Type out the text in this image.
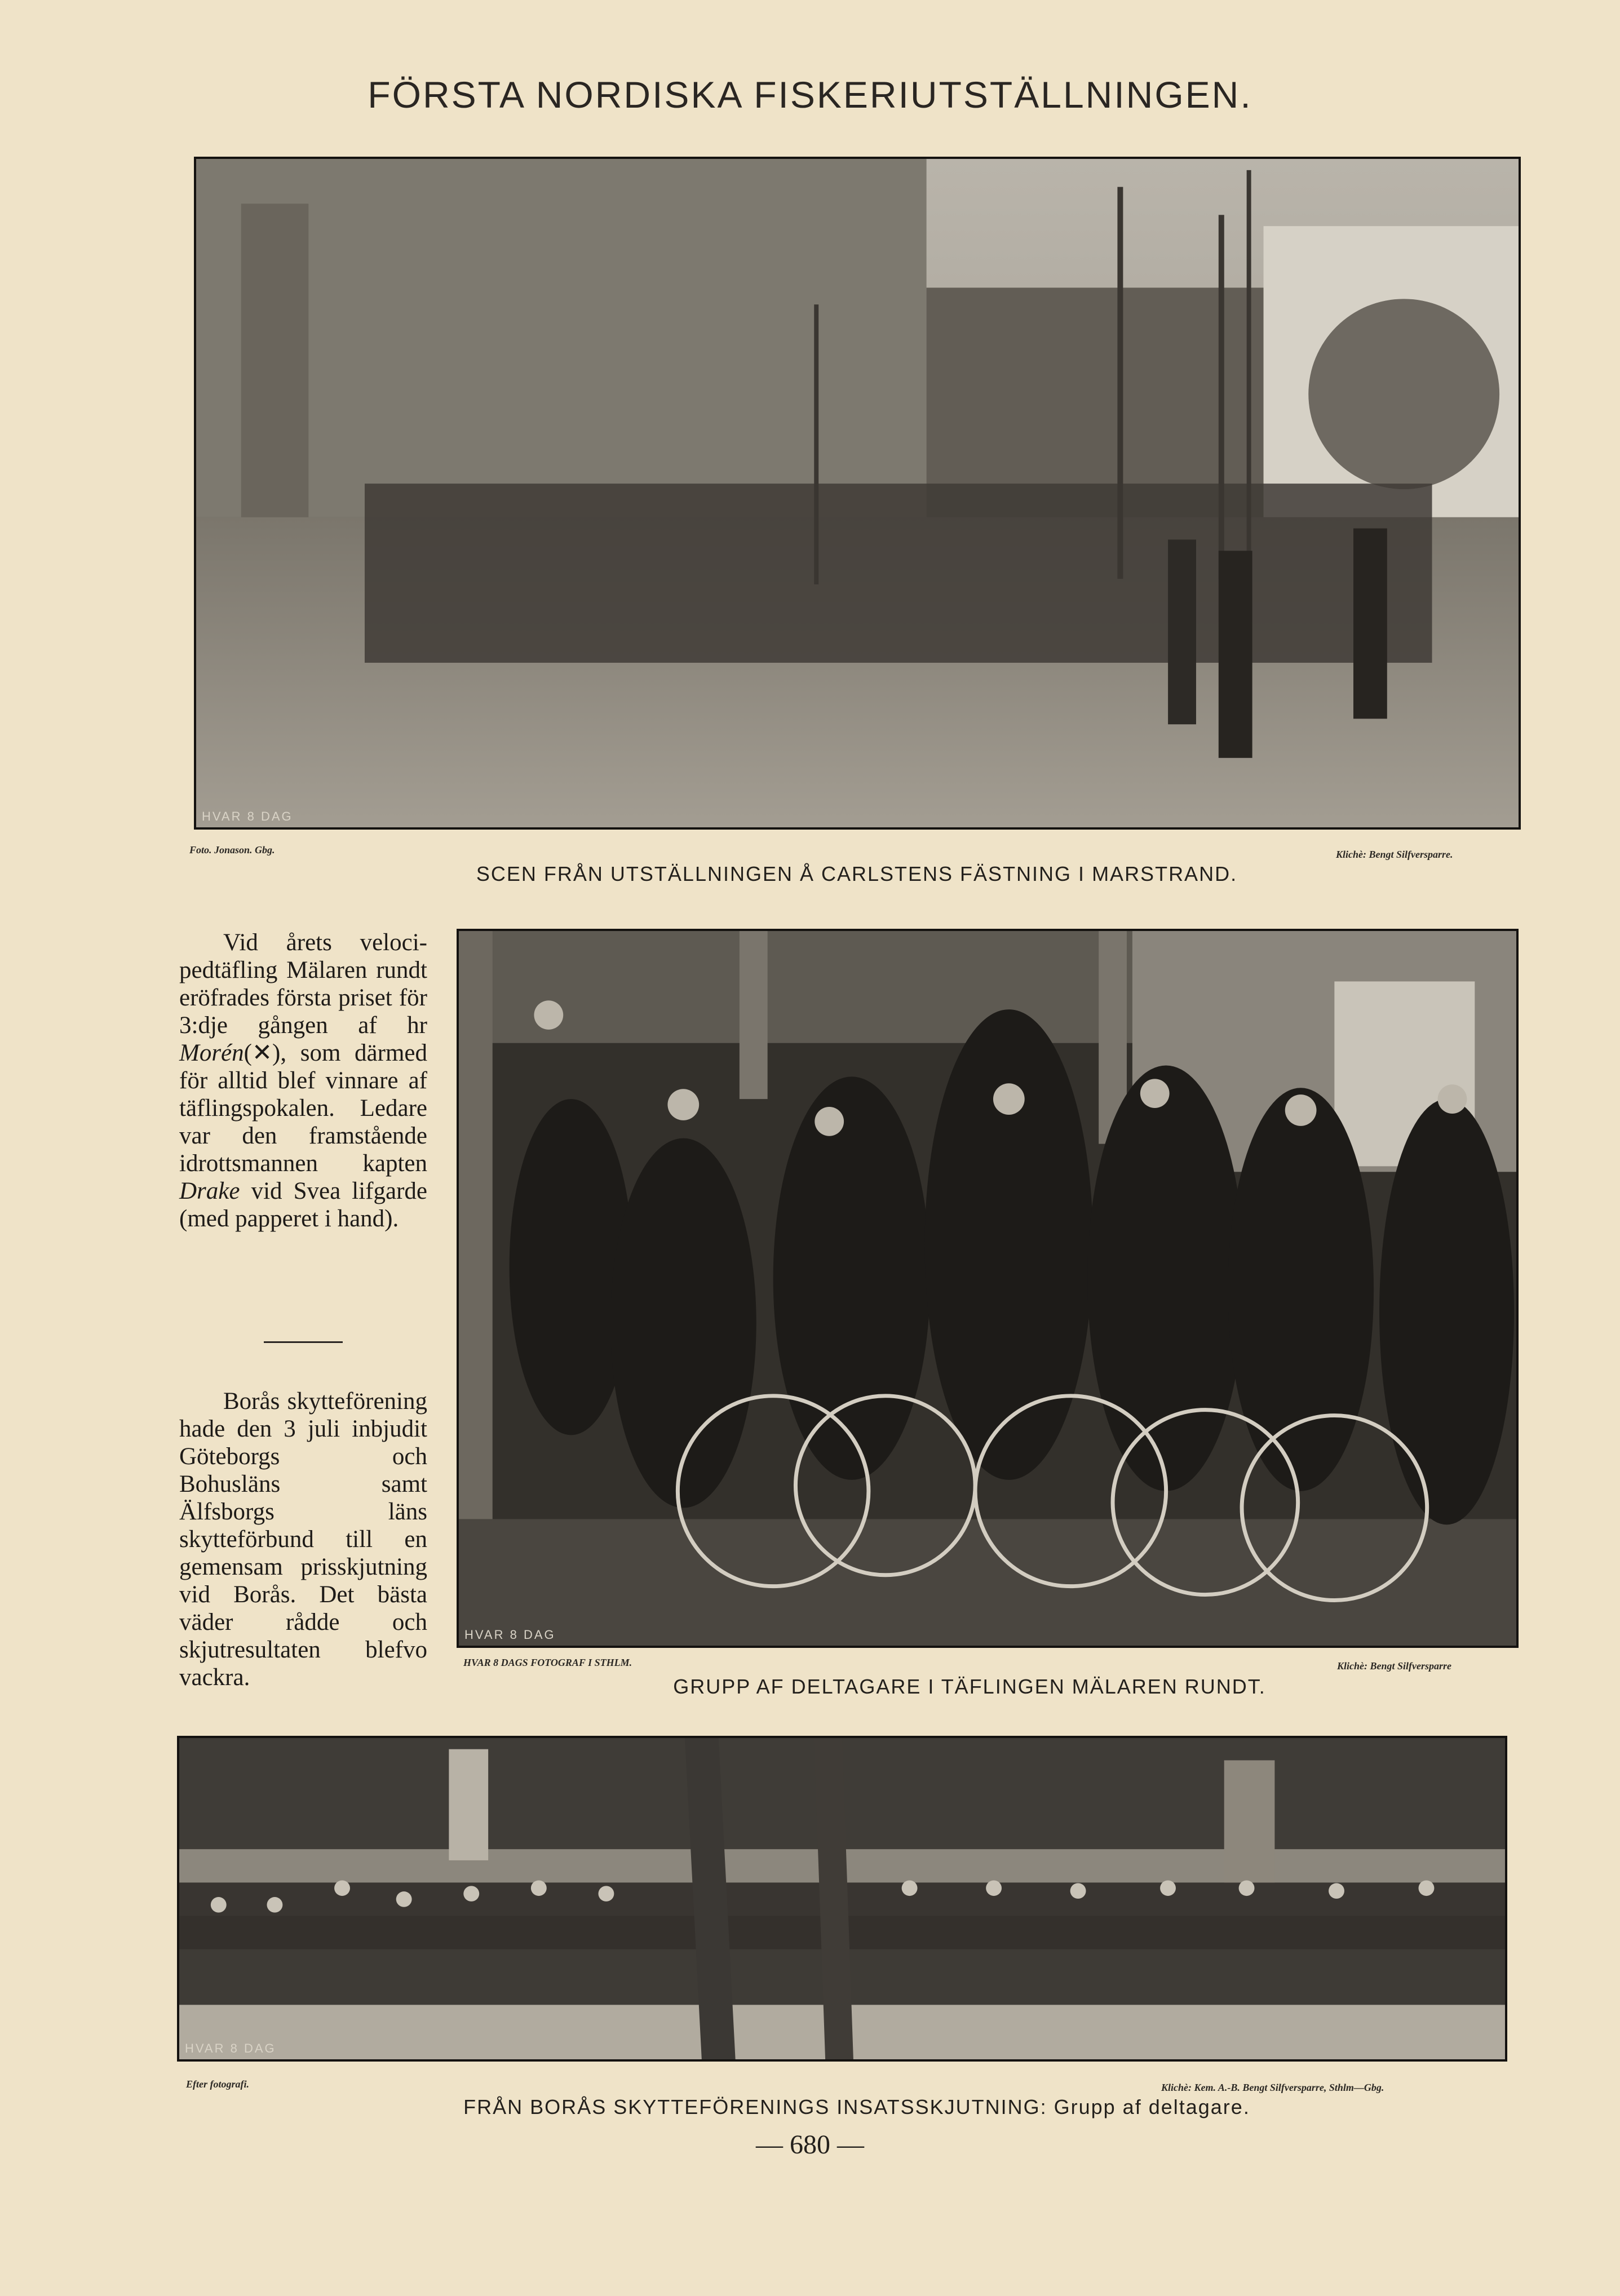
FÖRSTA NORDISKA FISKERIUTSTÄLLNINGEN.
HVAR 8 DAG
Foto. Jonason. Gbg.	Klichè: Bengt Silfversparre.
SCEN FRÅN UTSTÄLLNINGEN Å CARLSTENS FÄSTNING I MARSTRAND.

Vid årets veloci-pedtäfling Mälaren rundt eröfrades första priset för 3:dje gången af hr Morén(✕), som därmed för alltid blef vinnare af täflingspokalen. Ledare var den framstående idrottsmannen kapten Drake vid Svea lifgarde (med papperet i hand).

Borås skytteförening hade den 3 juli inbjudit Göteborgs och Bohusläns samt Älfsborgs läns skytteförbund till en gemensam prisskjutning vid Borås. Det bästa väder rådde och skjutresultaten blefvo vackra.

HVAR 8 DAG
HVAR 8 DAGS FOTOGRAF I STHLM.	Klichè: Bengt Silfversparre
GRUPP AF DELTAGARE I TÄFLINGEN MÄLAREN RUNDT.
HVAR 8 DAG
Efter fotografi.	Klichè: Kem. A.-B. Bengt Silfversparre, Sthlm—Gbg.
FRÅN BORÅS SKYTTEFÖRENINGS INSATSSKJUTNING: Grupp af deltagare.
— 680 —
